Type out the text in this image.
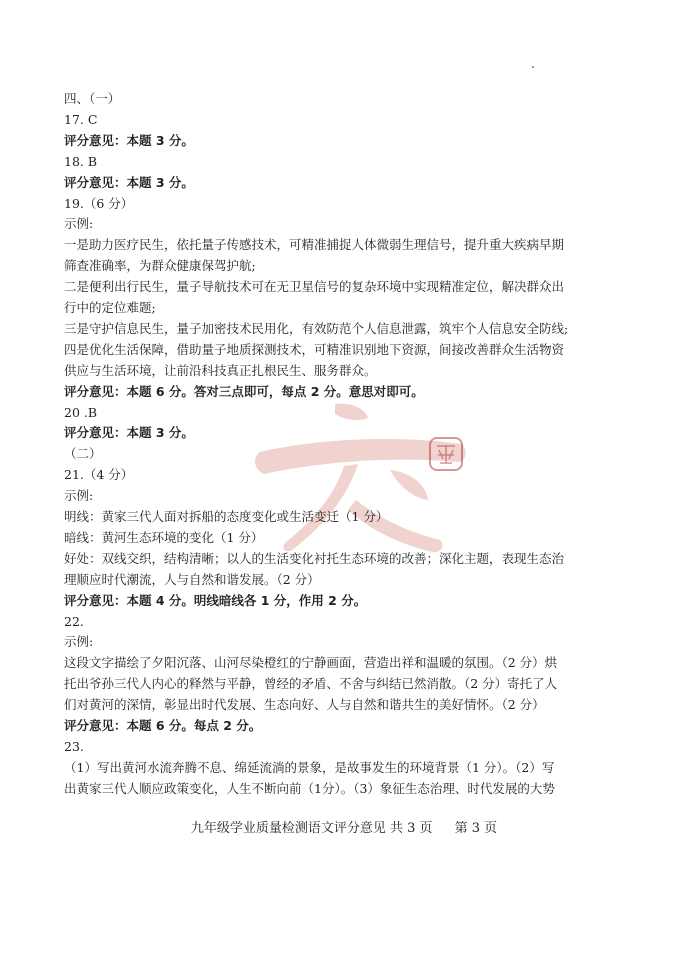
四、（一）
17. C
评分意见：本题 3 分。
18. B
评分意见：本题 3 分。
19.（6 分）
示例:
一是助力医疗民生，依托量子传感技术，可精准捕捉人体微弱生理信号，提升重大疾病早期
筛查准确率，为群众健康保驾护航;
二是便利出行民生，量子导航技术可在无卫星信号的复杂环境中实现精准定位，解决群众出
行中的定位难题;
三是守护信息民生，量子加密技术民用化，有效防范个人信息泄露，筑牢个人信息安全防线;
四是优化生活保障，借助量子地质探测技术，可精准识别地下资源，间接改善群众生活物资
供应与生活环境，让前沿科技真正扎根民生、服务群众。
评分意见：本题 6 分。答对三点即可，每点 2 分。意思对即可。
20 .B
评分意见：本题 3 分。
（二）
21.（4 分）
示例:
明线：黄家三代人面对拆船的态度变化或生活变迁（1 分）
暗线：黄河生态环境的变化（1 分）
好处：双线交织，结构清晰；以人的生活变化衬托生态环境的改善；深化主题，表现生态治
理顺应时代潮流，人与自然和谐发展。（2 分）
评分意见：本题 4 分。明线暗线各 1 分，作用 2 分。
22.
示例:
这段文字描绘了夕阳沉落、山河尽染橙红的宁静画面，营造出祥和温暖的氛围。（2 分）烘
托出爷孙三代人内心的释然与平静，曾经的矛盾、不舍与纠结已然消散。（2 分）寄托了人
们对黄河的深情，彰显出时代发展、生态向好、人与自然和谐共生的美好情怀。（2 分）
评分意见：本题 6 分。每点 2 分。
23.
（1）写出黄河水流奔腾不息、绵延流淌的景象，是故事发生的环境背景（1 分）。（2）写
出黄家三代人顺应政策变化，人生不断向前（1分）。（3）象征生态治理、时代发展的大势
九年级学业质量检测语文评分意见 共 3 页 第 3 页
